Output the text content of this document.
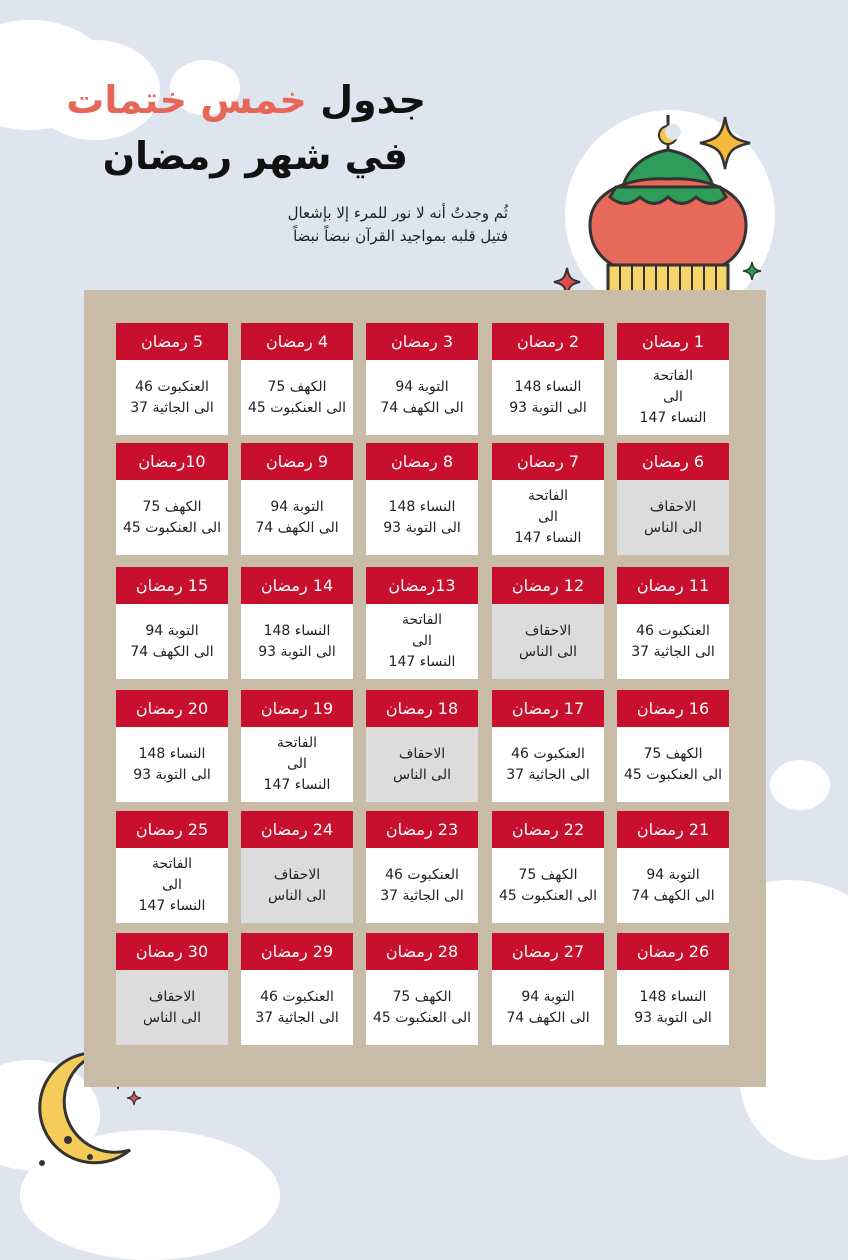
جدول خمس ختمات
في شهر رمضان
ثُم وجدتُ أنه لا نور للمرء إلا بإشعال
فتيل قلبه بمواجيد القرآن نبضاً نبضاً
1 رمضان
الفاتحة
الى
النساء 147
2 رمضان
النساء 148
الى التوبة 93
3 رمضان
التوبة 94
الى الكهف 74
4 رمضان
الكهف 75
الى العنكبوت 45
5 رمضان
العنكبوت 46
الى الجاثية 37
6 رمضان
الاحقاف
الى الناس
7 رمضان
الفاتحة
الى
النساء 147
8 رمضان
النساء 148
الى التوبة 93
9 رمضان
التوبة 94
الى الكهف 74
10رمضان
الكهف 75
الى العنكبوت 45
11 رمضان
العنكبوت 46
الى الجاثية 37
12 رمضان
الاحقاف
الى الناس
13رمضان
الفاتحة
الى
النساء 147
14 رمضان
النساء 148
الى التوبة 93
15 رمضان
التوبة 94
الى الكهف 74
16 رمضان
الكهف 75
الى العنكبوت 45
17 رمضان
العنكبوت 46
الى الجاثية 37
18 رمضان
الاحقاف
الى الناس
19 رمضان
الفاتحة
الى
النساء 147
20 رمضان
النساء 148
الى التوبة 93
21 رمضان
التوبة 94
الى الكهف 74
22 رمضان
الكهف 75
الى العنكبوت 45
23 رمضان
العنكبوت 46
الى الجاثية 37
24 رمضان
الاحقاف
الى الناس
25 رمضان
الفاتحة
الى
النساء 147
26 رمضان
النساء 148
الى التوبة 93
27 رمضان
التوبة 94
الى الكهف 74
28 رمضان
الكهف 75
الى العنكبوت 45
29 رمضان
العنكبوت 46
الى الجاثية 37
30 رمضان
الاحقاف
الى الناس
